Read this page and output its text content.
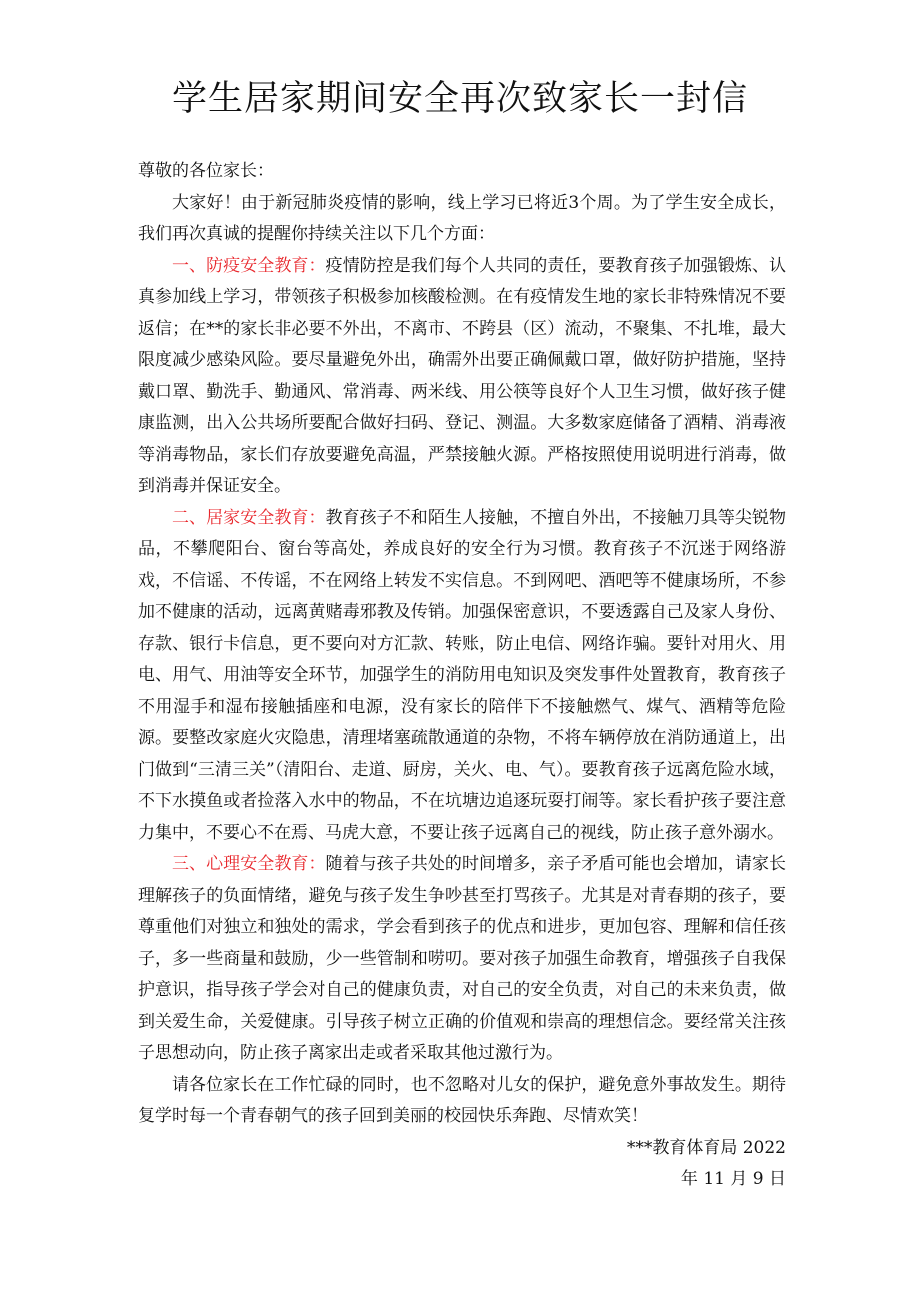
学生居家期间安全再次致家长一封信

尊敬的各位家长：

大家好！由于新冠肺炎疫情的影响，线上学习已将近3个周。为了学生安全成长，我们再次真诚的提醒你持续关注以下几个方面：

一、防疫安全教育：疫情防控是我们每个人共同的责任，要教育孩子加强锻炼、认真参加线上学习，带领孩子积极参加核酸检测。在有疫情发生地的家长非特殊情况不要返信；在**的家长非必要不外出，不离市、不跨县（区）流动，不聚集、不扎堆，最大限度减少感染风险。要尽量避免外出，确需外出要正确佩戴口罩，做好防护措施，坚持戴口罩、勤洗手、勤通风、常消毒、两米线、用公筷等良好个人卫生习惯，做好孩子健康监测，出入公共场所要配合做好扫码、登记、测温。大多数家庭储备了酒精、消毒液等消毒物品，家长们存放要避免高温，严禁接触火源。严格按照使用说明进行消毒，做到消毒并保证安全。

二、居家安全教育：教育孩子不和陌生人接触，不擅自外出，不接触刀具等尖锐物品，不攀爬阳台、窗台等高处，养成良好的安全行为习惯。教育孩子不沉迷于网络游戏，不信谣、不传谣，不在网络上转发不实信息。不到网吧、酒吧等不健康场所，不参加不健康的活动，远离黄赌毒邪教及传销。加强保密意识，不要透露自己及家人身份、存款、银行卡信息，更不要向对方汇款、转账，防止电信、网络诈骗。要针对用火、用电、用气、用油等安全环节，加强学生的消防用电知识及突发事件处置教育，教育孩子不用湿手和湿布接触插座和电源，没有家长的陪伴下不接触燃气、煤气、酒精等危险源。要整改家庭火灾隐患，清理堵塞疏散通道的杂物，不将车辆停放在消防通道上，出门做到“三清三关”（清阳台、走道、厨房，关火、电、气）。要教育孩子远离危险水域，不下水摸鱼或者捡落入水中的物品，不在坑塘边追逐玩耍打闹等。家长看护孩子要注意力集中，不要心不在焉、马虎大意，不要让孩子远离自己的视线，防止孩子意外溺水。

三、心理安全教育：随着与孩子共处的时间增多，亲子矛盾可能也会增加，请家长理解孩子的负面情绪，避免与孩子发生争吵甚至打骂孩子。尤其是对青春期的孩子，要尊重他们对独立和独处的需求，学会看到孩子的优点和进步，更加包容、理解和信任孩子，多一些商量和鼓励，少一些管制和唠叨。要对孩子加强生命教育，增强孩子自我保护意识，指导孩子学会对自己的健康负责，对自己的安全负责，对自己的未来负责，做到关爱生命，关爱健康。引导孩子树立正确的价值观和崇高的理想信念。要经常关注孩子思想动向，防止孩子离家出走或者采取其他过激行为。

请各位家长在工作忙碌的同时，也不忽略对儿女的保护，避免意外事故发生。期待复学时每一个青春朝气的孩子回到美丽的校园快乐奔跑、尽情欢笑！

***教育体育局 2022

年 11 月 9 日
